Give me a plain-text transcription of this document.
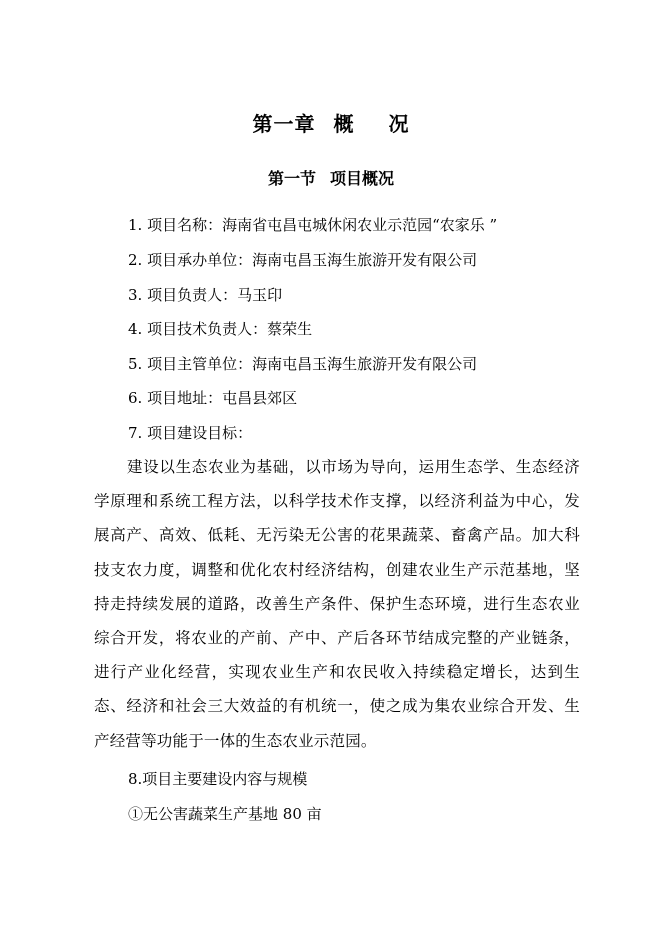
第一章 概 况
第一节 项目概况
1. 项目名称：海南省屯昌屯城休闲农业示范园“农家乐 ”
2. 项目承办单位：海南屯昌玉海生旅游开发有限公司
3. 项目负责人：马玉印
4. 项目技术负责人：蔡荣生
5. 项目主管单位：海南屯昌玉海生旅游开发有限公司
6. 项目地址：屯昌县郊区
7. 项目建设目标：
建设以生态农业为基础，以市场为导向，运用生态学、生态经济学原理和系统工程方法，以科学技术作支撑，以经济利益为中心，发展高产、高效、低耗、无污染无公害的花果蔬菜、畜禽产品。加大科技支农力度，调整和优化农村经济结构，创建农业生产示范基地，坚持走持续发展的道路，改善生产条件、保护生态环境，进行生态农业综合开发，将农业的产前、产中、产后各环节结成完整的产业链条，进行产业化经营，实现农业生产和农民收入持续稳定增长，达到生态、经济和社会三大效益的有机统一，使之成为集农业综合开发、生产经营等功能于一体的生态农业示范园。
8.项目主要建设内容与规模
①无公害蔬菜生产基地 80 亩
